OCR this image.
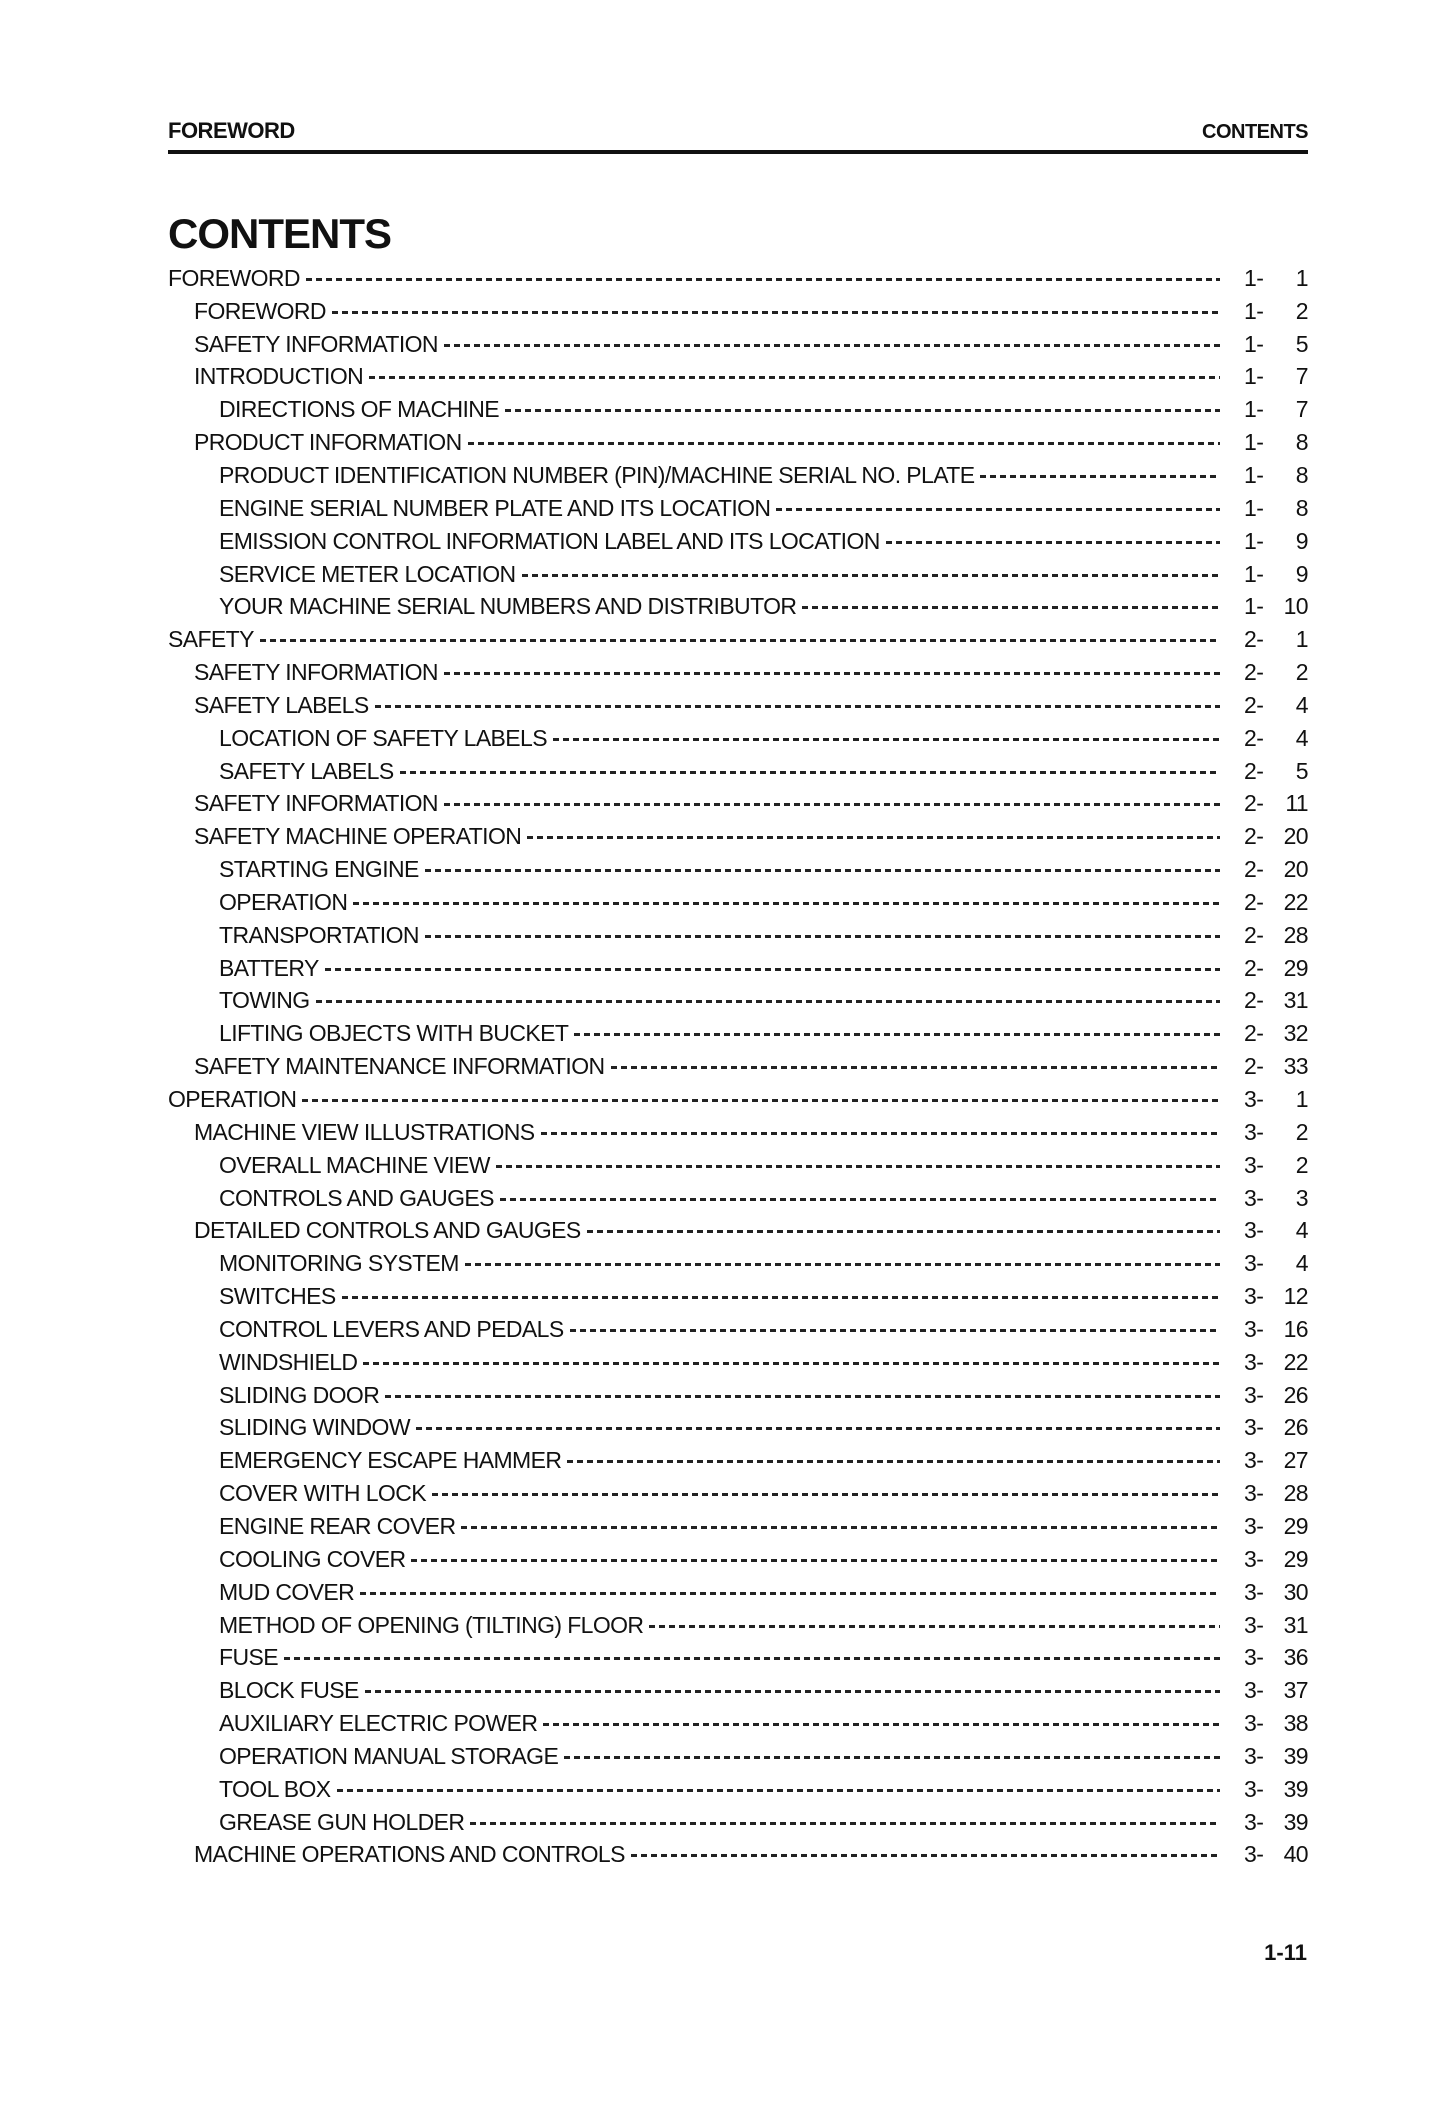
FOREWORD	CONTENTS
CONTENTS
FOREWORD	1-	1
FOREWORD	1-	2
SAFETY INFORMATION	1-	5
INTRODUCTION	1-	7
DIRECTIONS OF MACHINE	1-	7
PRODUCT INFORMATION	1-	8
PRODUCT IDENTIFICATION NUMBER (PIN)/MACHINE SERIAL NO. PLATE	1-	8
ENGINE SERIAL NUMBER PLATE AND ITS LOCATION	1-	8
EMISSION CONTROL INFORMATION LABEL AND ITS LOCATION	1-	9
SERVICE METER LOCATION	1-	9
YOUR MACHINE SERIAL NUMBERS AND DISTRIBUTOR	1- 10
SAFETY	2-	1
SAFETY INFORMATION	2-	2
SAFETY LABELS	2-	4
LOCATION OF SAFETY LABELS	2-	4
SAFETY LABELS	2-	5
SAFETY INFORMATION	2- 11
SAFETY MACHINE OPERATION	2- 20
STARTING ENGINE	2- 20
OPERATION	2- 22
TRANSPORTATION	2- 28
BATTERY	2- 29
TOWING	2- 31
LIFTING OBJECTS WITH BUCKET	2- 32
SAFETY MAINTENANCE INFORMATION	2- 33
OPERATION	3-	1
MACHINE VIEW ILLUSTRATIONS	3-	2
OVERALL MACHINE VIEW	3-	2
CONTROLS AND GAUGES	3-	3
DETAILED CONTROLS AND GAUGES	3-	4
MONITORING SYSTEM	3-	4
SWITCHES	3- 12
CONTROL LEVERS AND PEDALS	3- 16
WINDSHIELD	3- 22
SLIDING DOOR	3- 26
SLIDING WINDOW	3- 26
EMERGENCY ESCAPE HAMMER	3- 27
COVER WITH LOCK	3- 28
ENGINE REAR COVER	3- 29
COOLING COVER	3- 29
MUD COVER	3- 30
METHOD OF OPENING (TILTING) FLOOR	3- 31
FUSE	3- 36
BLOCK FUSE	3- 37
AUXILIARY ELECTRIC POWER	3- 38
OPERATION MANUAL STORAGE	3- 39
TOOL BOX	3- 39
GREASE GUN HOLDER	3- 39
MACHINE OPERATIONS AND CONTROLS	3- 40
1-11
